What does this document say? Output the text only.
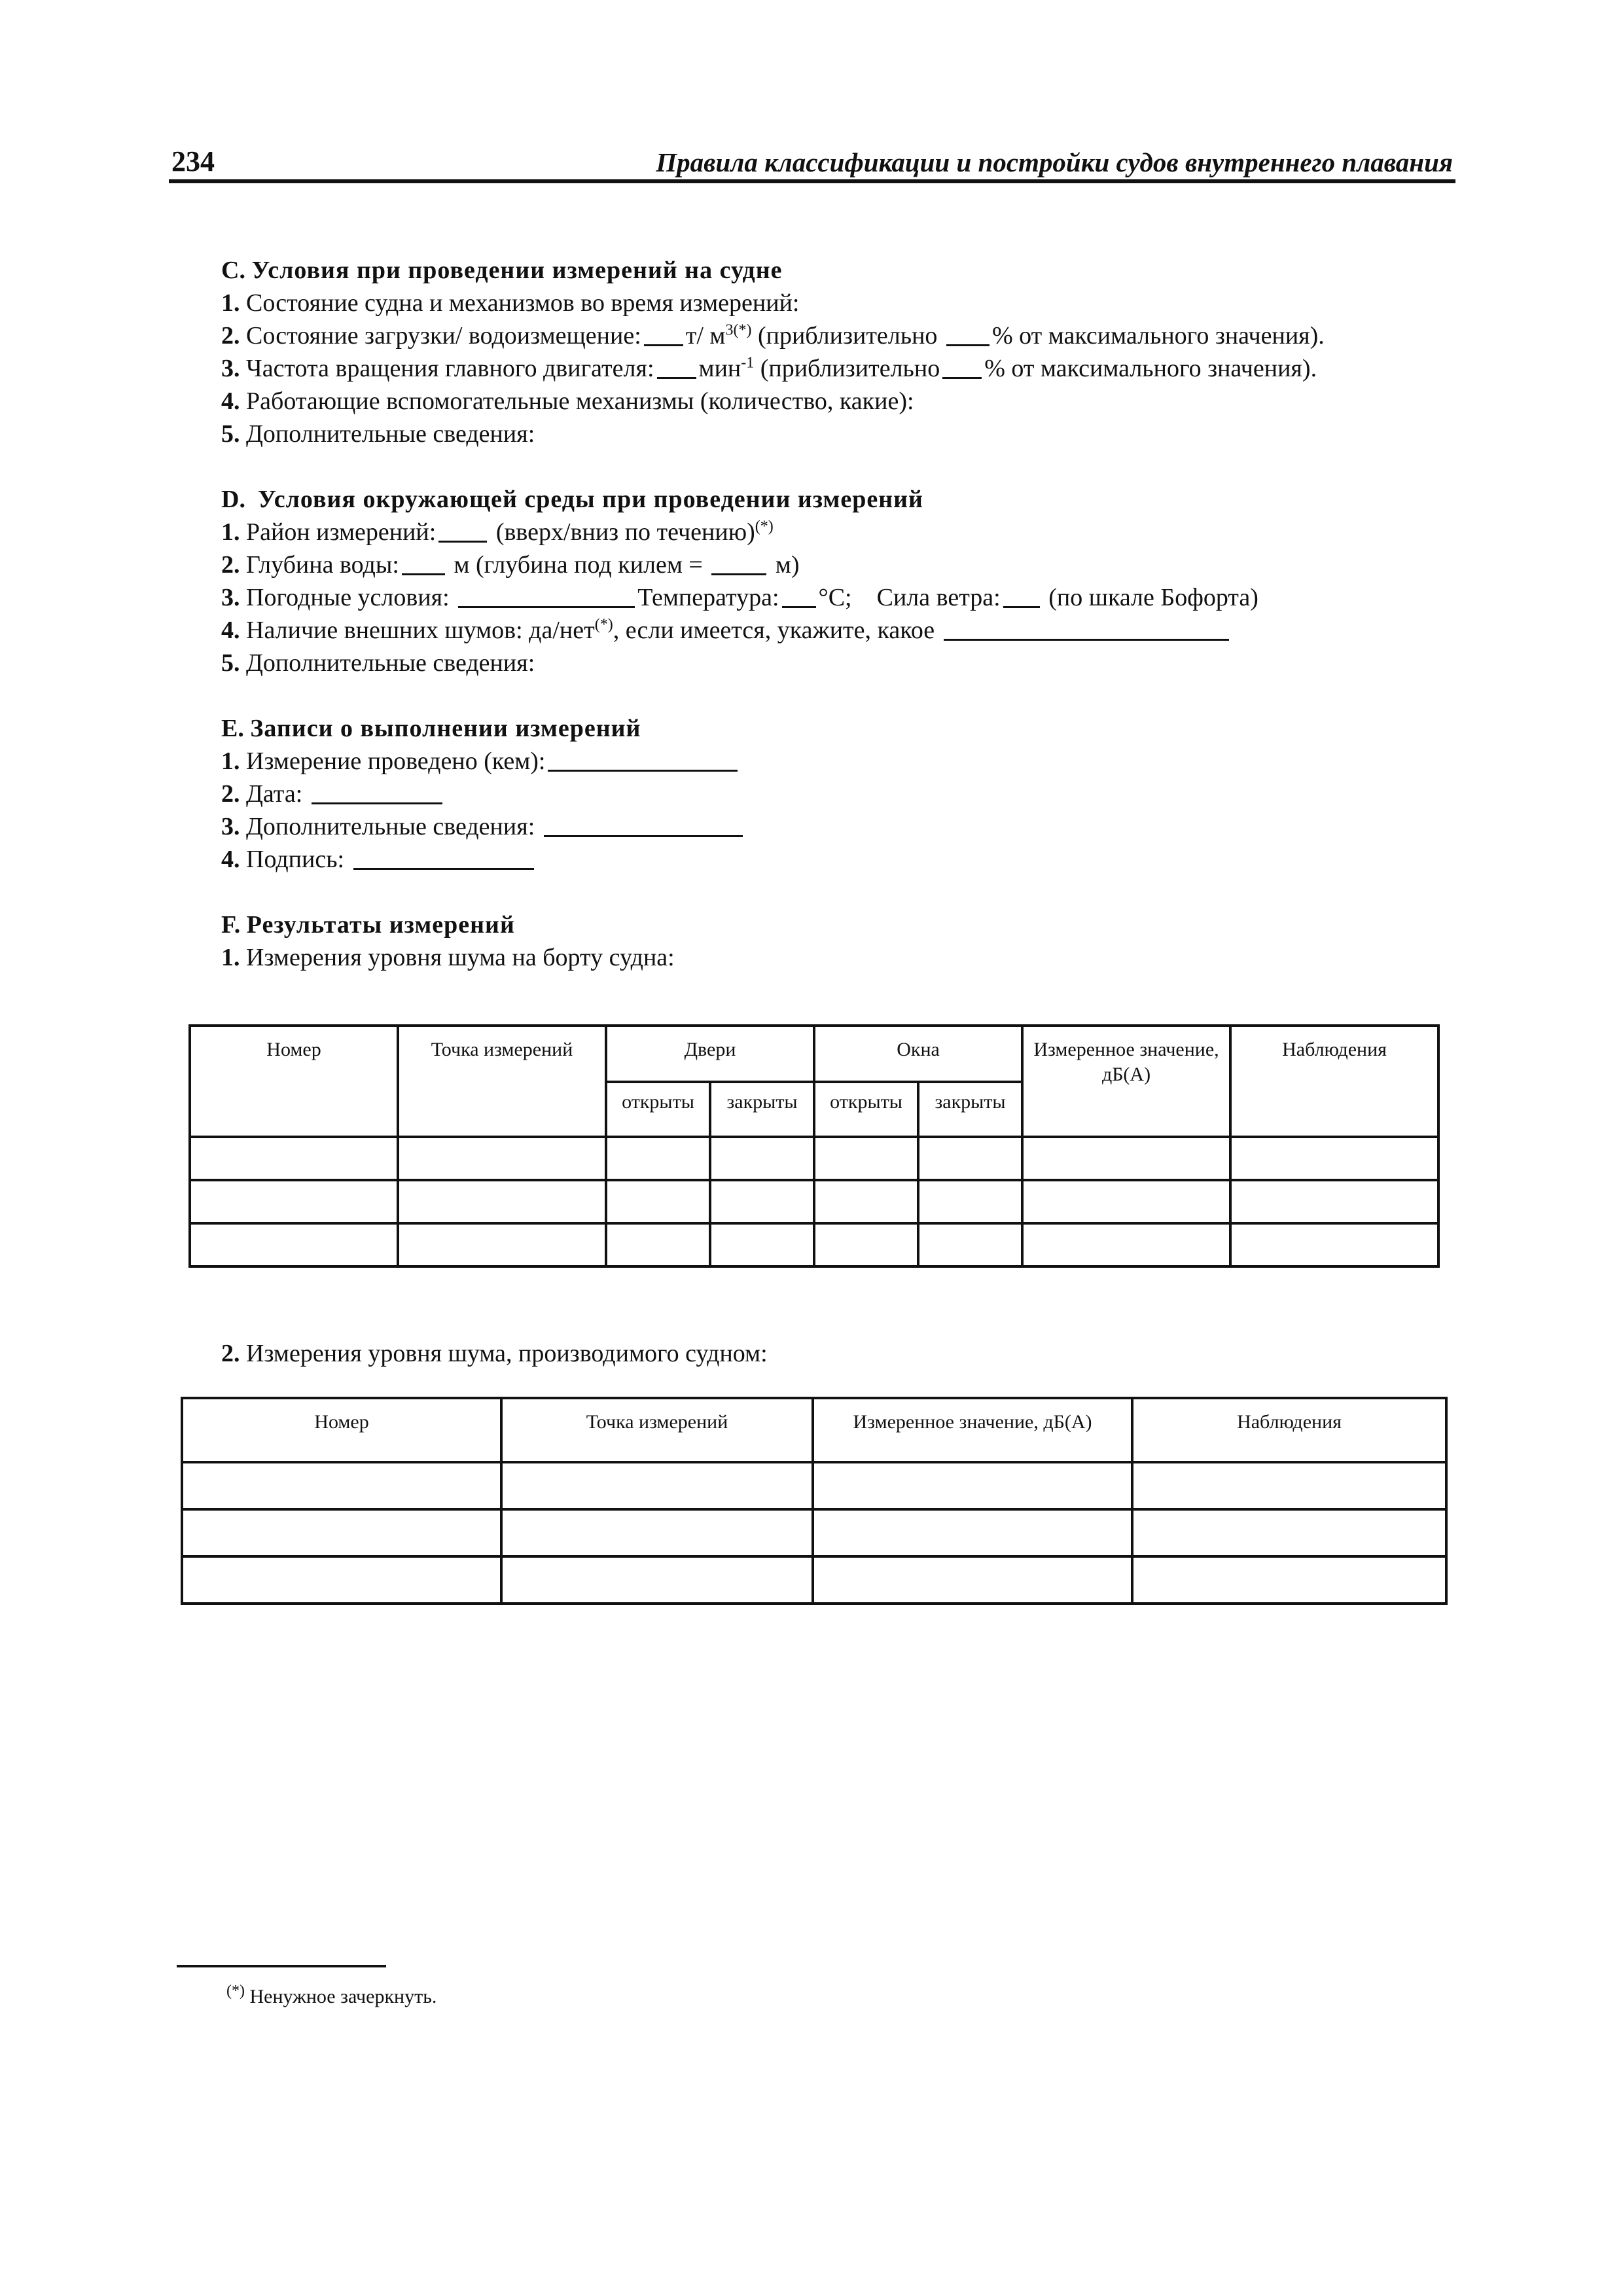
234	Правила классификации и постройки судов внутреннего плавания
C. Условия при проведении измерений на судне
1. Состояние судна и механизмов во время измерений:
2. Состояние загрузки/ водоизмещение: т/ $м^{3(*)}$ (приблизительно % от максимального значения).
3. Частота вращения главного двигателя: мин$^{-1}$ (приблизительно % от максимального значения).
4. Работающие вспомогательные механизмы (количество, какие):
5. Дополнительные сведения:
D. Условия окружающей среды при проведении измерений
1. Район измерений: (вверх/вниз по течению)(*)
2. Глубина воды: м (глубина под килем =	м)
3. Погодные условия:	Температура: °C; Сила ветра: (по шкале Бофорта)
4. Наличие внешних шумов: да/нет(*), если имеется, укажите, какое
5. Дополнительные сведения:
E. Записи о выполнении измерений
1. Измерение проведено (кем):
2. Дата:
3. Дополнительные сведения:
4. Подпись:
F. Результаты измерений
1. Измерения уровня шума на борту судна:
Номер	Точка измерений	Двери		Окна		Измеренное значение, дБ(А)	Наблюдения
		открыты	закрыты	открыты	закрыты		

2. Измерения уровня шума, производимого судном:
Номер	Точка измерений	Измеренное значение, дБ(А)	Наблюдения

(*) Ненужное зачеркнуть.
